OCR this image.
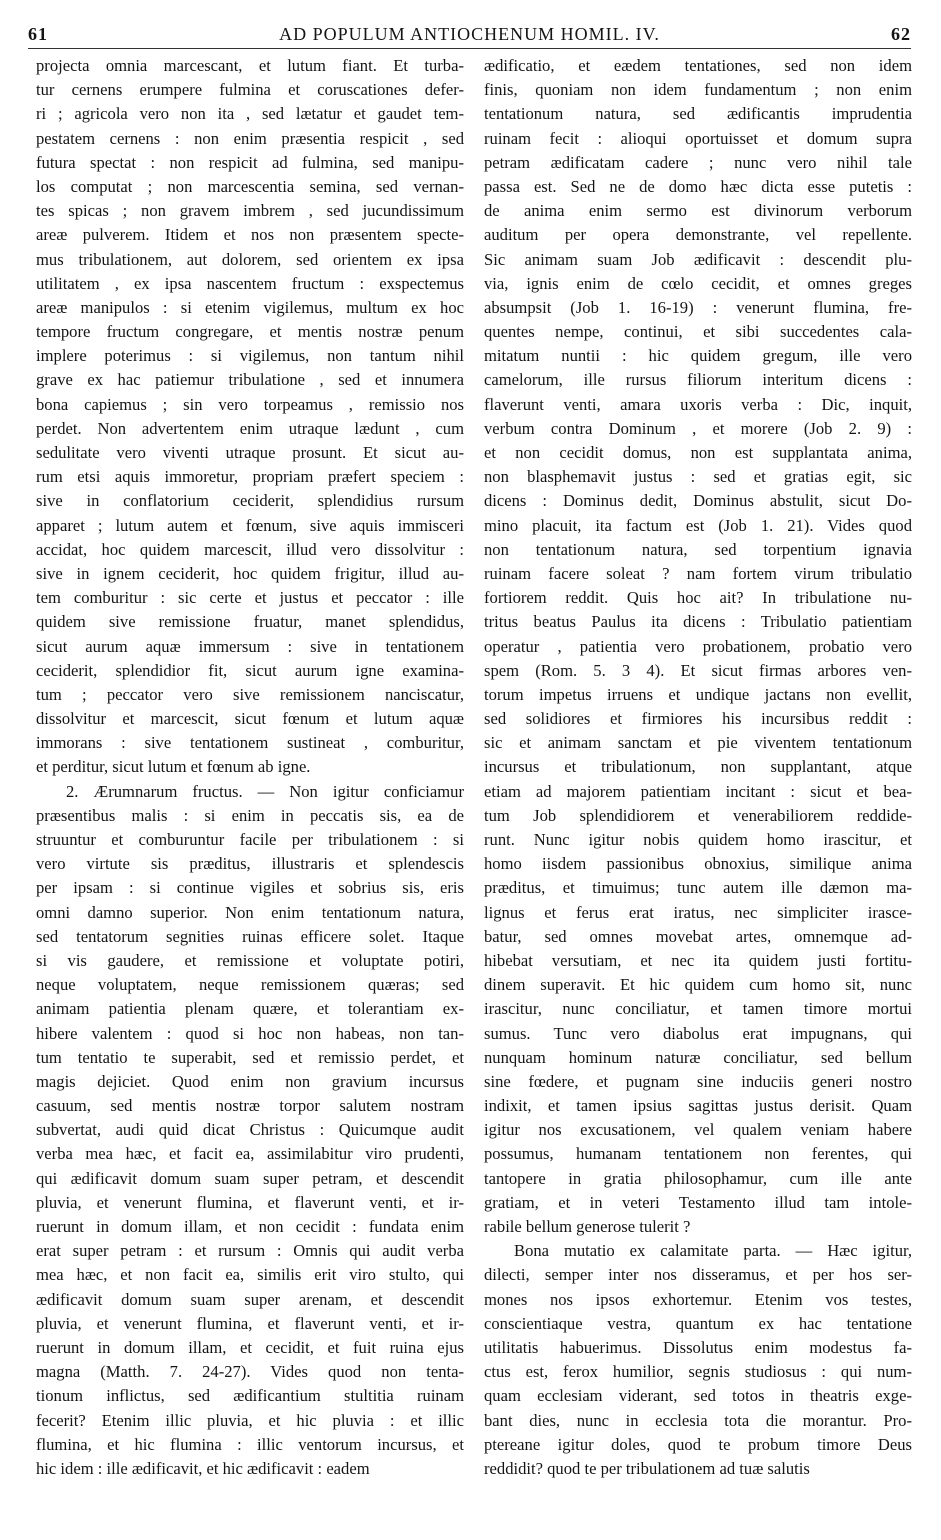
61	AD POPULUM ANTIOCHENUM HOMIL. IV.	62
projecta omnia marcescant, et lutum fiant. Et turba-
tur cernens erumpere fulmina et coruscationes defer-
ri ; agricola vero non ita , sed lætatur et gaudet tem-
pestatem cernens : non enim præsentia respicit , sed
futura spectat : non respicit ad fulmina, sed manipu-
los computat ; non marcescentia semina, sed vernan-
tes spicas ; non gravem imbrem , sed jucundissimum
areæ pulverem. Itidem et nos non præsentem specte-
mus tribulationem, aut dolorem, sed orientem ex ipsa
utilitatem , ex ipsa nascentem fructum : exspectemus
areæ manipulos : si etenim vigilemus, multum ex hoc
tempore fructum congregare, et mentis nostræ penum
implere poterimus : si vigilemus, non tantum nihil
grave ex hac patiemur tribulatione , sed et innumera
bona capiemus ; sin vero torpeamus , remissio nos
perdet. Non advertentem enim utraque lædunt , cum
sedulitate vero viventi utraque prosunt. Et sicut au-
rum etsi aquis immoretur, propriam præfert speciem :
sive in conflatorium ceciderit, splendidius rursum
apparet ; lutum autem et fœnum, sive aquis immisceri
accidat, hoc quidem marcescit, illud vero dissolvitur :
sive in ignem ceciderit, hoc quidem frigitur, illud au-
tem comburitur : sic certe et justus et peccator : ille
quidem sive remissione fruatur, manet splendidus,
sicut aurum aquæ immersum : sive in tentationem
ceciderit, splendidior fit, sicut aurum igne examina-
tum ; peccator vero sive remissionem nanciscatur,
dissolvitur et marcescit, sicut fœnum et lutum aquæ
immorans : sive tentationem sustineat , comburitur,
et perditur, sicut lutum et fœnum ab igne.
2. Ærumnarum fructus. — Non igitur conficiamur
præsentibus malis : si enim in peccatis sis, ea de
struuntur et comburuntur facile per tribulationem : si
vero virtute sis præditus, illustraris et splendescis
per ipsam : si continue vigiles et sobrius sis, eris
omni damno superior. Non enim tentationum natura,
sed tentatorum segnities ruinas efficere solet. Itaque
si vis gaudere, et remissione et voluptate potiri,
neque voluptatem, neque remissionem quæras; sed
animam patientia plenam quære, et tolerantiam ex-
hibere valentem : quod si hoc non habeas, non tan-
tum tentatio te superabit, sed et remissio perdet, et
magis dejiciet. Quod enim non gravium incursus
casuum, sed mentis nostræ torpor salutem nostram
subvertat, audi quid dicat Christus : Quicumque audit
verba mea hæc, et facit ea, assimilabitur viro prudenti,
qui ædificavit domum suam super petram, et descendit
pluvia, et venerunt flumina, et flaverunt venti, et ir-
ruerunt in domum illam, et non cecidit : fundata enim
erat super petram : et rursum : Omnis qui audit verba
mea hæc, et non facit ea, similis erit viro stulto, qui
ædificavit domum suam super arenam, et descendit
pluvia, et venerunt flumina, et flaverunt venti, et ir-
ruerunt in domum illam, et cecidit, et fuit ruina ejus
magna (Matth. 7. 24-27). Vides quod non tenta-
tionum inflictus, sed ædificantium stultitia ruinam
fecerit? Etenim illic pluvia, et hic pluvia : et illic
flumina, et hic flumina : illic ventorum incursus, et
hic idem : ille ædificavit, et hic ædificavit : eadem
ædificatio, et eædem tentationes, sed non idem
finis, quoniam non idem fundamentum ; non enim
tentationum natura, sed ædificantis imprudentia
ruinam fecit : alioqui oportuisset et domum supra
petram ædificatam cadere ; nunc vero nihil tale
passa est. Sed ne de domo hæc dicta esse putetis :
de anima enim sermo est divinorum verborum
auditum per opera demonstrante, vel repellente.
Sic animam suam Job ædificavit : descendit plu-
via, ignis enim de cœlo cecidit, et omnes greges
absumpsit (Job 1. 16-19) : venerunt flumina, fre-
quentes nempe, continui, et sibi succedentes cala-
mitatum nuntii : hic quidem gregum, ille vero
camelorum, ille rursus filiorum interitum dicens :
flaverunt venti, amara uxoris verba : Dic, inquit,
verbum contra Dominum , et morere (Job 2. 9) :
et non cecidit domus, non est supplantata anima,
non blasphemavit justus : sed et gratias egit, sic
dicens : Dominus dedit, Dominus abstulit, sicut Do-
mino placuit, ita factum est (Job 1. 21). Vides quod
non tentationum natura, sed torpentium ignavia
ruinam facere soleat ? nam fortem virum tribulatio
fortiorem reddit. Quis hoc ait? In tribulatione nu-
tritus beatus Paulus ita dicens : Tribulatio patientiam
operatur , patientia vero probationem, probatio vero
spem (Rom. 5. 3 4). Et sicut firmas arbores ven-
torum impetus irruens et undique jactans non evellit,
sed solidiores et firmiores his incursibus reddit :
sic et animam sanctam et pie viventem tentationum
incursus et tribulationum, non supplantant, atque
etiam ad majorem patientiam incitant : sicut et bea-
tum Job splendidiorem et venerabiliorem reddide-
runt. Nunc igitur nobis quidem homo irascitur, et
homo iisdem passionibus obnoxius, similique anima
præditus, et timuimus; tunc autem ille dæmon ma-
lignus et ferus erat iratus, nec simpliciter irasce-
batur, sed omnes movebat artes, omnemque ad-
hibebat versutiam, et nec ita quidem justi fortitu-
dinem superavit. Et hic quidem cum homo sit, nunc
irascitur, nunc conciliatur, et tamen timore mortui
sumus. Tunc vero diabolus erat impugnans, qui
nunquam hominum naturæ conciliatur, sed bellum
sine fœdere, et pugnam sine induciis generi nostro
indixit, et tamen ipsius sagittas justus derisit. Quam
igitur nos excusationem, vel qualem veniam habere
possumus, humanam tentationem non ferentes, qui
tantopere in gratia philosophamur, cum ille ante
gratiam, et in veteri Testamento illud tam intole-
rabile bellum generose tulerit ?
Bona mutatio ex calamitate parta. — Hæc igitur,
dilecti, semper inter nos disseramus, et per hos ser-
mones nos ipsos exhortemur. Etenim vos testes,
conscientiaque vestra, quantum ex hac tentatione
utilitatis habuerimus. Dissolutus enim modestus fa-
ctus est, ferox humilior, segnis studiosus : qui num-
quam ecclesiam viderant, sed totos in theatris exge-
bant dies, nunc in ecclesia tota die morantur. Pro-
ptereane igitur doles, quod te probum timore Deus
reddidit? quod te per tribulationem ad tuæ salutis
